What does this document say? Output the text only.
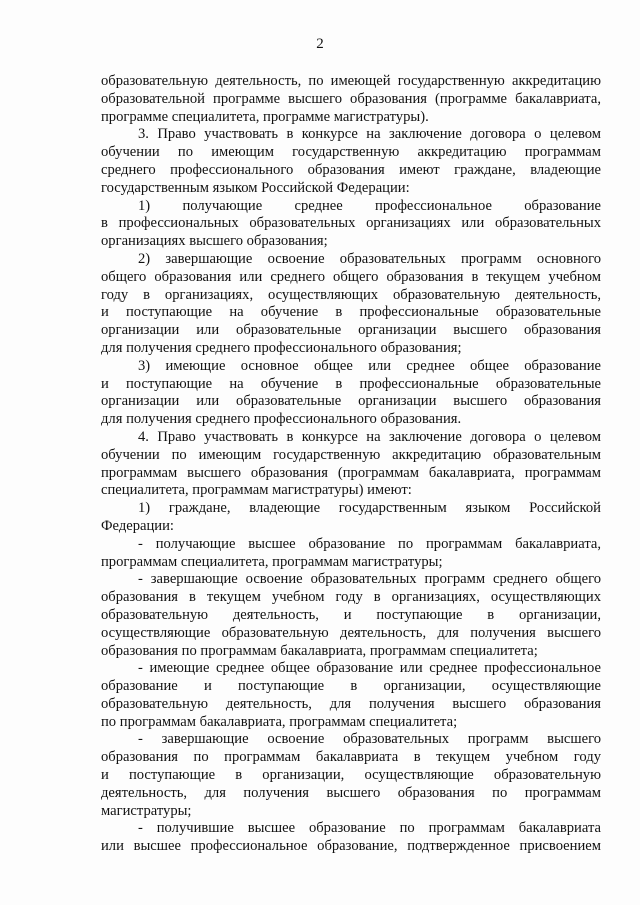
2
образовательную деятельность, по имеющей государственную аккредитацию
образовательной программе высшего образования (программе бакалавриата,
программе специалитета, программе магистратуры).
3. Право участвовать в конкурсе на заключение договора о целевом
обучении по имеющим государственную аккредитацию программам
среднего профессионального образования имеют граждане, владеющие
государственным языком Российской Федерации:
1) получающие среднее профессиональное образование
в профессиональных образовательных организациях или образовательных
организациях высшего образования;
2) завершающие освоение образовательных программ основного
общего образования или среднего общего образования в текущем учебном
году в организациях, осуществляющих образовательную деятельность,
и поступающие на обучение в профессиональные образовательные
организации или образовательные организации высшего образования
для получения среднего профессионального образования;
3) имеющие основное общее или среднее общее образование
и поступающие на обучение в профессиональные образовательные
организации или образовательные организации высшего образования
для получения среднего профессионального образования.
4. Право участвовать в конкурсе на заключение договора о целевом
обучении по имеющим государственную аккредитацию образовательным
программам высшего образования (программам бакалавриата, программам
специалитета, программам магистратуры) имеют:
1) граждане, владеющие государственным языком Российской
Федерации:
- получающие высшее образование по программам бакалавриата,
программам специалитета, программам магистратуры;
- завершающие освоение образовательных программ среднего общего
образования в текущем учебном году в организациях, осуществляющих
образовательную деятельность, и поступающие в организации,
осуществляющие образовательную деятельность, для получения высшего
образования по программам бакалавриата, программам специалитета;
- имеющие среднее общее образование или среднее профессиональное
образование и поступающие в организации, осуществляющие
образовательную деятельность, для получения высшего образования
по программам бакалавриата, программам специалитета;
- завершающие освоение образовательных программ высшего
образования по программам бакалавриата в текущем учебном году
и поступающие в организации, осуществляющие образовательную
деятельность, для получения высшего образования по программам
магистратуры;
- получившие высшее образование по программам бакалавриата
или высшее профессиональное образование, подтвержденное присвоением
